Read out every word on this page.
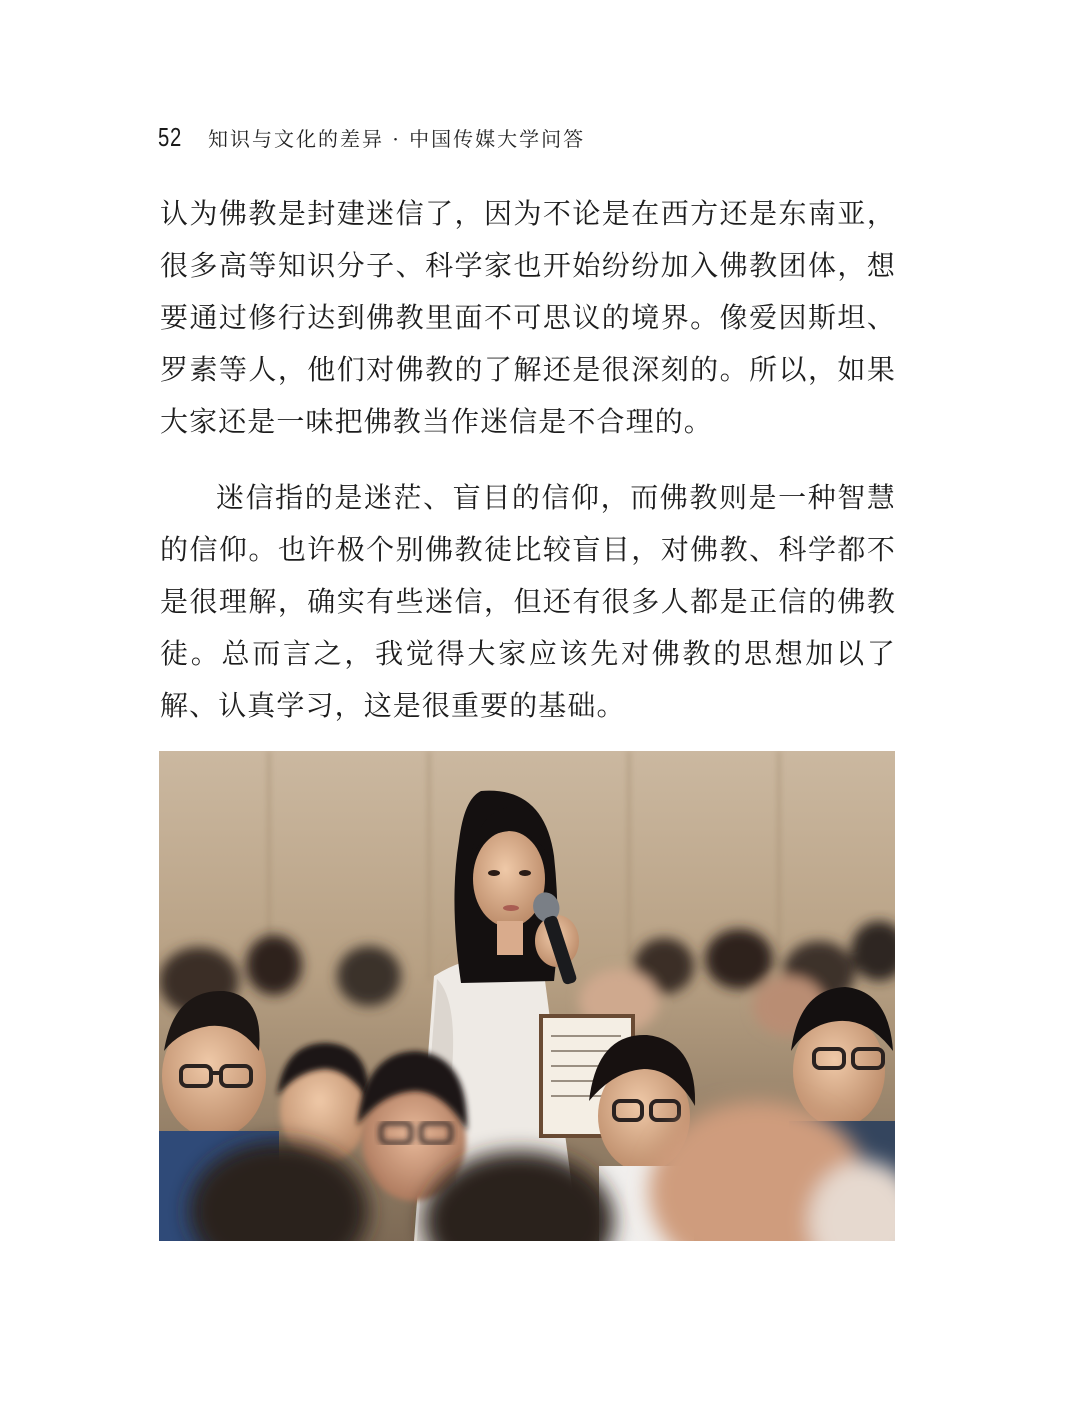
52 知识与文化的差异 · 中国传媒大学问答

认为佛教是封建迷信了，因为不论是在西方还是东南亚，很多高等知识分子、科学家也开始纷纷加入佛教团体，想要通过修行达到佛教里面不可思议的境界。像爱因斯坦、罗素等人，他们对佛教的了解还是很深刻的。所以，如果大家还是一味把佛教当作迷信是不合理的。

迷信指的是迷茫、盲目的信仰，而佛教则是一种智慧的信仰。也许极个别佛教徒比较盲目，对佛教、科学都不是很理解，确实有些迷信，但还有很多人都是正信的佛教徒。总而言之，我觉得大家应该先对佛教的思想加以了解、认真学习，这是很重要的基础。
